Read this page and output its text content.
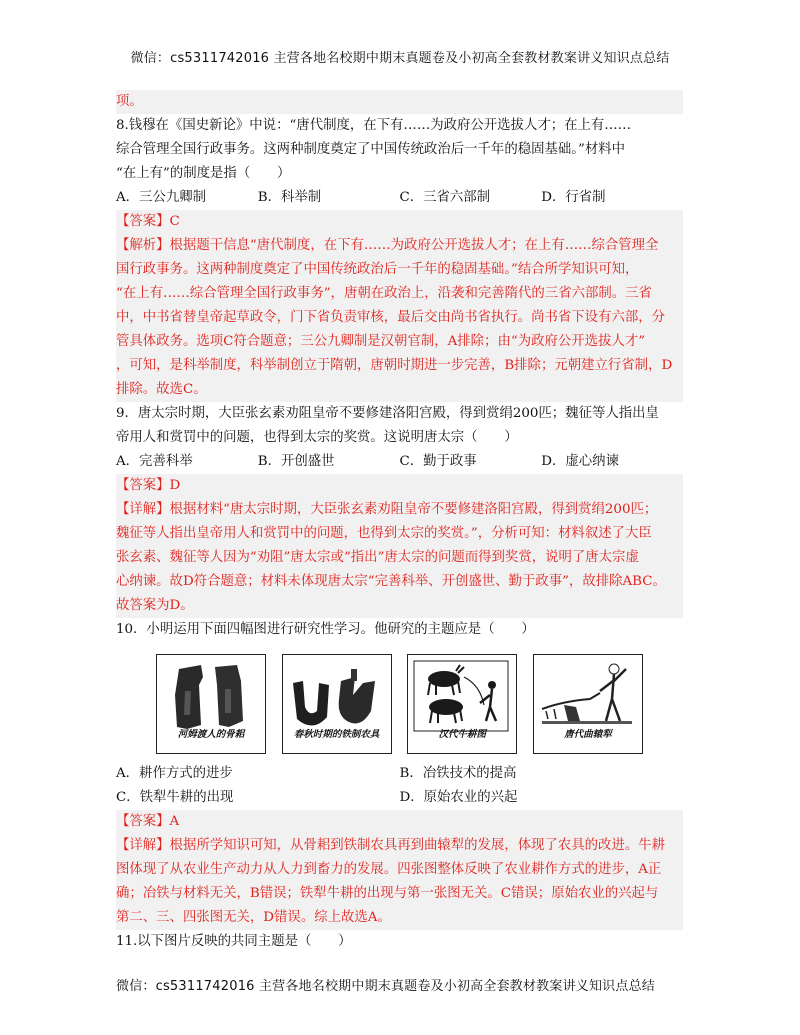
微信：cs5311742016 主营各地名校期中期末真题卷及小初高全套教材教案讲义知识点总结
项。
8.钱穆在《国史新论》中说：“唐代制度，在下有……为政府公开选拔人才；在上有……
综合管理全国行政事务。这两种制度奠定了中国传统政治后一千年的稳固基础。”材料中
“在上有”的制度是指（　　）
A．三公九卿制	B．科举制	C．三省六部制	D．行省制
【答案】C
【解析】根据题干信息“唐代制度，在下有……为政府公开选拔人才；在上有……综合管理全
国行政事务。这两种制度奠定了中国传统政治后一千年的稳固基础。”结合所学知识可知，
“在上有……综合管理全国行政事务”，唐朝在政治上，沿袭和完善隋代的三省六部制。三省
中，中书省替皇帝起草政令，门下省负责审核，最后交由尚书省执行。尚书省下设有六部，分
管具体政务。选项C符合题意；三公九卿制是汉朝官制，A排除；由“为政府公开选拔人才”
，可知，是科举制度，科举制创立于隋朝，唐朝时期进一步完善，B排除；元朝建立行省制，D
排除。故选C。
9．唐太宗时期，大臣张玄素劝阻皇帝不要修建洛阳宫殿，得到赏绢200匹；魏征等人指出皇
帝用人和赏罚中的问题，也得到太宗的奖赏。这说明唐太宗（　　）
A．完善科举	B．开创盛世	C．勤于政事	D．虚心纳谏
【答案】D
【详解】根据材料“唐太宗时期，大臣张玄素劝阻皇帝不要修建洛阳宫殿，得到赏绢200匹；
魏征等人指出皇帝用人和赏罚中的问题，也得到太宗的奖赏。”，分析可知：材料叙述了大臣
张玄素、魏征等人因为“劝阻”唐太宗或“指出”唐太宗的问题而得到奖赏，说明了唐太宗虚
心纳谏。故D符合题意；材料未体现唐太宗“完善科举、开创盛世、勤于政事”，故排除ABC。
故答案为D。
10．小明运用下面四幅图进行研究性学习。他研究的主题应是（　　）
河姆渡人的骨耜	春秋时期的铁制农具	汉代牛耕图	唐代曲辕犁
A．耕作方式的进步	B．冶铁技术的提高
C．铁犁牛耕的出现	D．原始农业的兴起
【答案】A
【详解】根据所学知识可知，从骨耜到铁制农具再到曲辕犁的发展，体现了农具的改进。牛耕
图体现了从农业生产动力从人力到畜力的发展。四张图整体反映了农业耕作方式的进步，A正
确；冶铁与材料无关，B错误；铁犁牛耕的出现与第一张图无关。C错误；原始农业的兴起与
第二、三、四张图无关，D错误。综上故选A。
11.以下图片反映的共同主题是（　　）
微信：cs5311742016 主营各地名校期中期末真题卷及小初高全套教材教案讲义知识点总结
